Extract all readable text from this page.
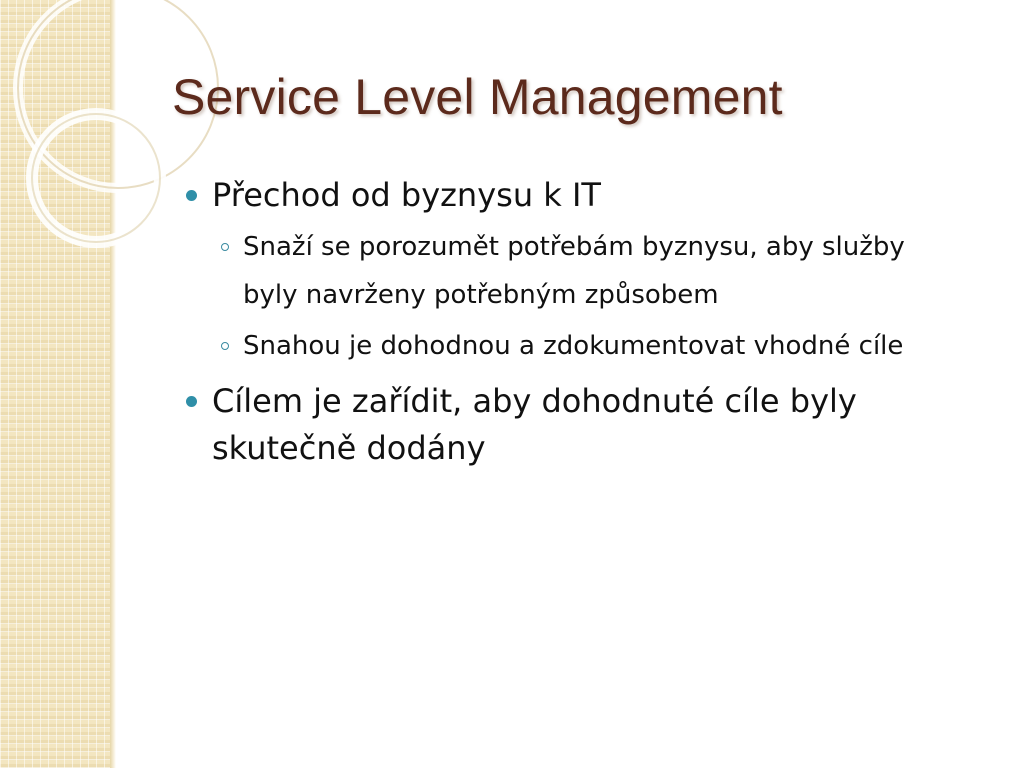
Service Level Management
Přechod od byznysu k IT
Snaží se porozumět potřebám byznysu, aby služby byly navrženy potřebným způsobem
Snahou je dohodnou a zdokumentovat vhodné cíle
Cílem je zařídit, aby dohodnuté cíle byly skutečně dodány
